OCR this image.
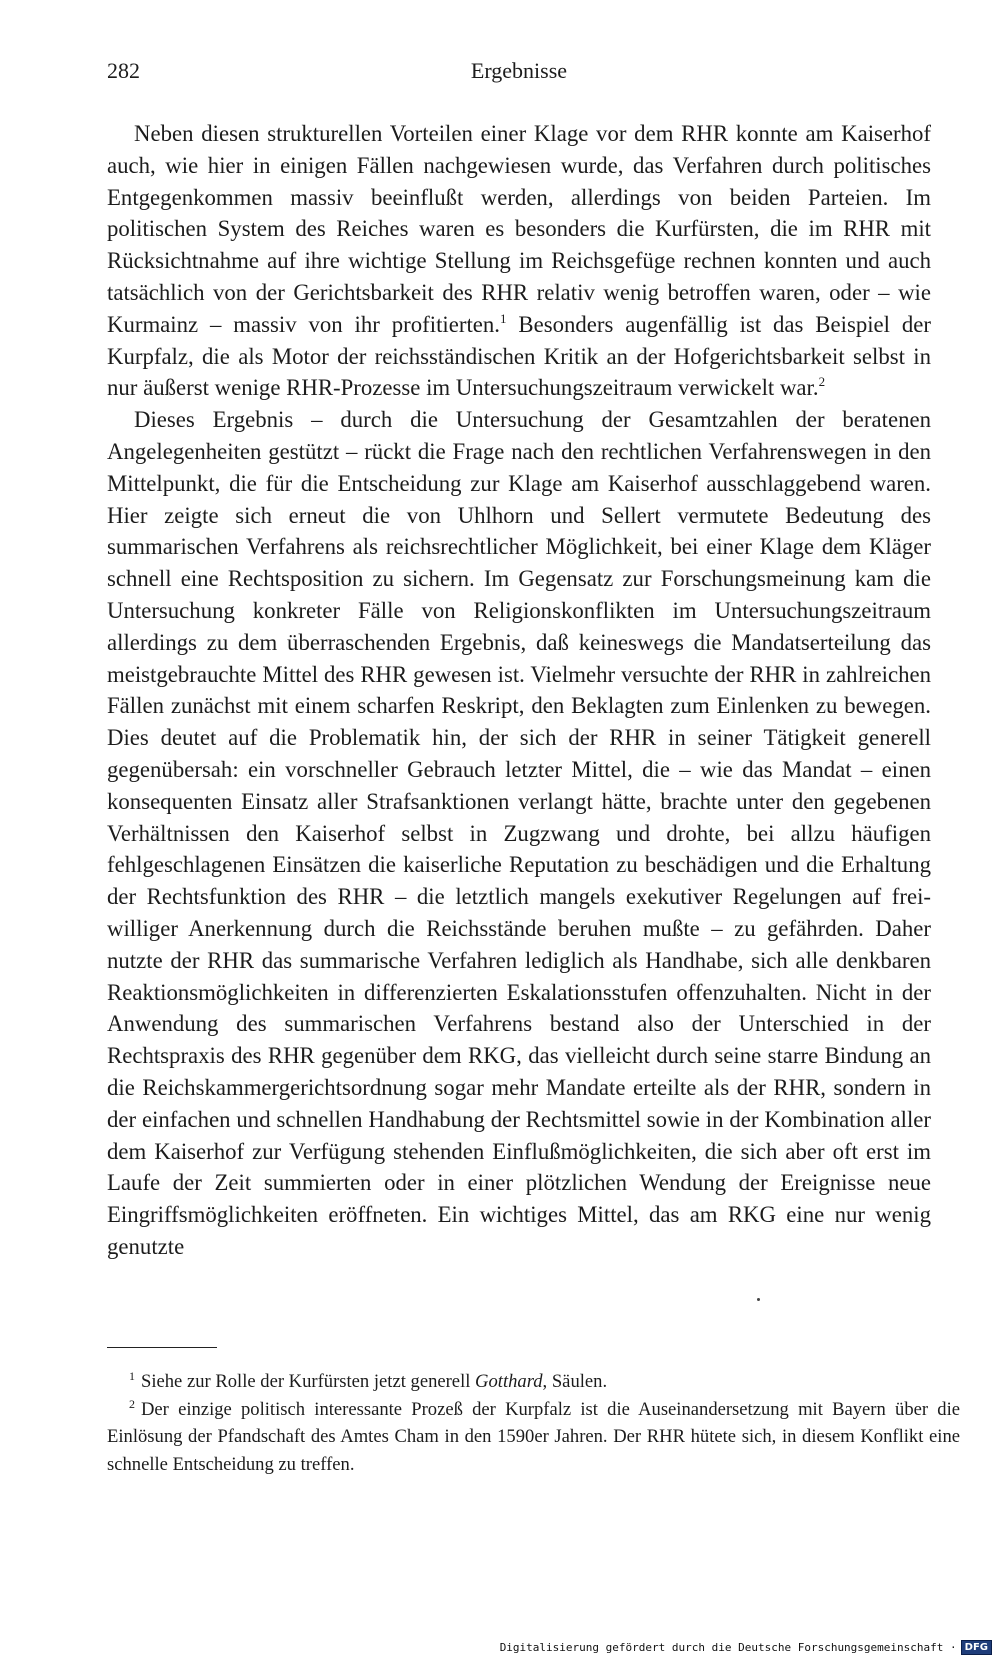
282	Ergebnisse

Neben diesen strukturellen Vorteilen einer Klage vor dem RHR konnte am Kaiserhof auch, wie hier in einigen Fällen nachgewiesen wurde, das Verfahren durch politisches Entgegenkommen massiv beeinflußt werden, allerdings von beiden Parteien. Im politischen System des Reiches waren es besonders die Kurfürsten, die im RHR mit Rücksichtnahme auf ihre wichtige Stellung im Reichsgefüge rechnen konnten und auch tatsächlich von der Gerichtsbarkeit des RHR relativ wenig betroffen waren, oder – wie Kurmainz – massiv von ihr profitierten.$^1$ Besonders augenfällig ist das Beispiel der Kurpfalz, die als Motor der reichsständischen Kritik an der Hofgerichtsbarkeit selbst in nur äußerst wenige RHR-Prozesse im Untersuchungszeitraum verwickelt war.$^2$

Dieses Ergebnis – durch die Untersuchung der Gesamtzahlen der beratenen Angelegenheiten gestützt – rückt die Frage nach den rechtlichen Verfahrenswegen in den Mittelpunkt, die für die Entscheidung zur Klage am Kaiserhof ausschlaggebend waren. Hier zeigte sich erneut die von Uhlhorn und Sellert vermutete Bedeutung des summarischen Verfahrens als reichsrechtlicher Möglichkeit, bei einer Klage dem Kläger schnell eine Rechtsposition zu sichern. Im Gegensatz zur Forschungsmeinung kam die Untersuchung konkreter Fälle von Religionskonflikten im Untersuchungszeitraum allerdings zu dem überraschenden Ergebnis, daß keineswegs die Mandatserteilung das meistgebrauchte Mittel des RHR gewesen ist. Vielmehr versuchte der RHR in zahlreichen Fällen zunächst mit einem scharfen Reskript, den Beklagten zum Einlenken zu bewegen. Dies deutet auf die Problematik hin, der sich der RHR in seiner Tätigkeit generell gegenübersah: ein vorschneller Gebrauch letzter Mittel, die – wie das Mandat – einen konsequenten Einsatz aller Strafsanktionen verlangt hätte, brachte unter den gegebenen Verhältnissen den Kaiserhof selbst in Zugzwang und drohte, bei allzu häufigen fehlgeschlagenen Einsätzen die kaiserliche Reputation zu beschädigen und die Erhaltung der Rechtsfunktion des RHR – die letztlich mangels exekutiver Regelungen auf freiwilliger Anerkennung durch die Reichsstände beruhen mußte – zu gefährden. Daher nutzte der RHR das summarische Verfahren lediglich als Handhabe, sich alle denkbaren Reaktionsmöglichkeiten in differenzierten Eskalationsstufen offenzuhalten. Nicht in der Anwendung des summarischen Verfahrens bestand also der Unterschied in der Rechtspraxis des RHR gegenüber dem RKG, das vielleicht durch seine starre Bindung an die Reichskammergerichtsordnung sogar mehr Mandate erteilte als der RHR, sondern in der einfachen und schnellen Handhabung der Rechtsmittel sowie in der Kombination aller dem Kaiserhof zur Verfügung stehenden Einflußmöglichkeiten, die sich aber oft erst im Laufe der Zeit summierten oder in einer plötzlichen Wendung der Ereignisse neue Eingriffsmöglichkeiten eröffneten. Ein wichtiges Mittel, das am RKG eine nur wenig genutzte

$^1$ Siehe zur Rolle der Kurfürsten jetzt generell Gotthard, Säulen.

$^2$ Der einzige politisch interessante Prozeß der Kurpfalz ist die Auseinandersetzung mit Bayern über die Einlösung der Pfandschaft des Amtes Cham in den 1590er Jahren. Der RHR hütete sich, in diesem Konflikt eine schnelle Entscheidung zu treffen.

Digitalisierung gefördert durch die Deutsche Forschungsgemeinschaft · DFG
